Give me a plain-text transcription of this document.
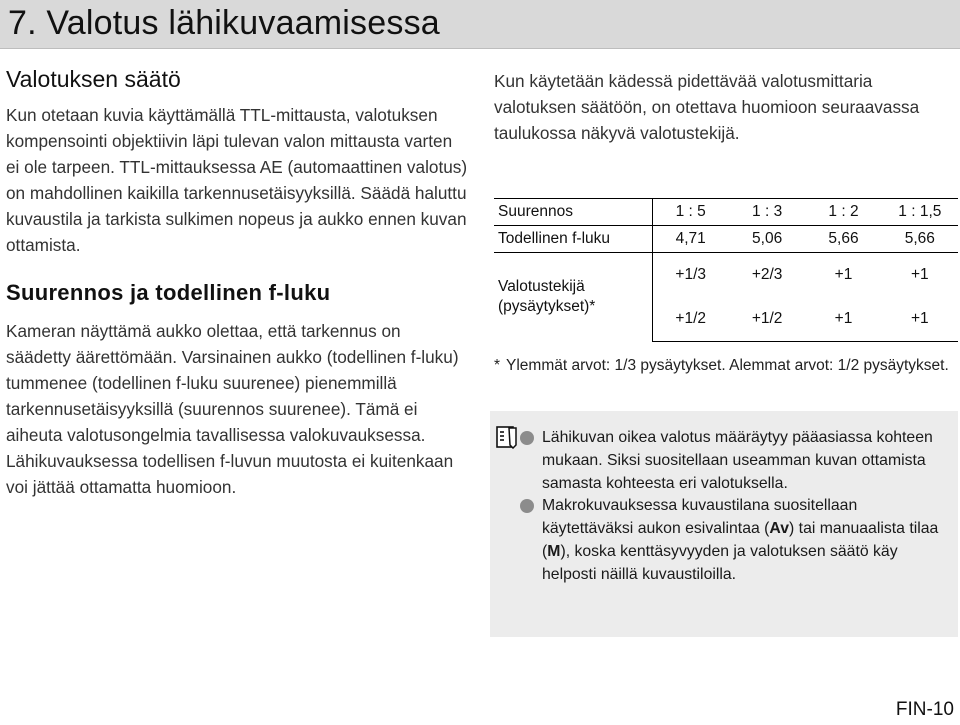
7. Valotus lähikuvaamisessa
Valotuksen säätö

Kun otetaan kuvia käyttämällä TTL-mittausta, valotuksen kompensointi objektiivin läpi tulevan valon mittausta varten ei ole tarpeen. TTL-mittauksessa AE (automaattinen valotus) on mahdollinen kaikilla tarkennusetäisyyksillä. Säädä haluttu kuvaustila ja tarkista sulkimen nopeus ja aukko ennen kuvan ottamista.

Suurennos ja todellinen f-luku

Kameran näyttämä aukko olettaa, että tarkennus on säädetty äärettömään. Varsinainen aukko (todellinen f-luku) tummenee (todellinen f-luku suurenee) pienemmillä tarkennusetäisyyksillä (suurennos suurenee). Tämä ei aiheuta valotusongelmia tavallisessa valokuvauksessa. Lähikuvauksessa todellisen f-luvun muutosta ei kuitenkaan voi jättää ottamatta huomioon.

Kun käytetään kädessä pidettävää valotusmittaria valotuksen säätöön, on otettava huomioon seuraavassa taulukossa näkyvä valotustekijä.

Suurennos	1 : 5	1 : 3	1 : 2	1 : 1,5
Todellinen f-luku	4,71	5,06	5,66	5,66
Valotustekijä
(pysäytykset)*	+1/3	+2/3	+1	+1
	+1/2	+1/2	+1	+1
* Ylemmät arvot: 1/3 pysäytykset. Alemmat arvot: 1/2 pysäytykset.
Lähikuvan oikea valotus määräytyy pääasiassa kohteen mukaan. Siksi suositellaan useamman kuvan ottamista samasta kohteesta eri valotuksella.
Makrokuvauksessa kuvaustilana suositellaan käytettäväksi aukon esivalintaa (Av) tai manuaalista tilaa (M), koska kenttäsyvyyden ja valotuksen säätö käy helposti näillä kuvaustiloilla.
FIN-10
